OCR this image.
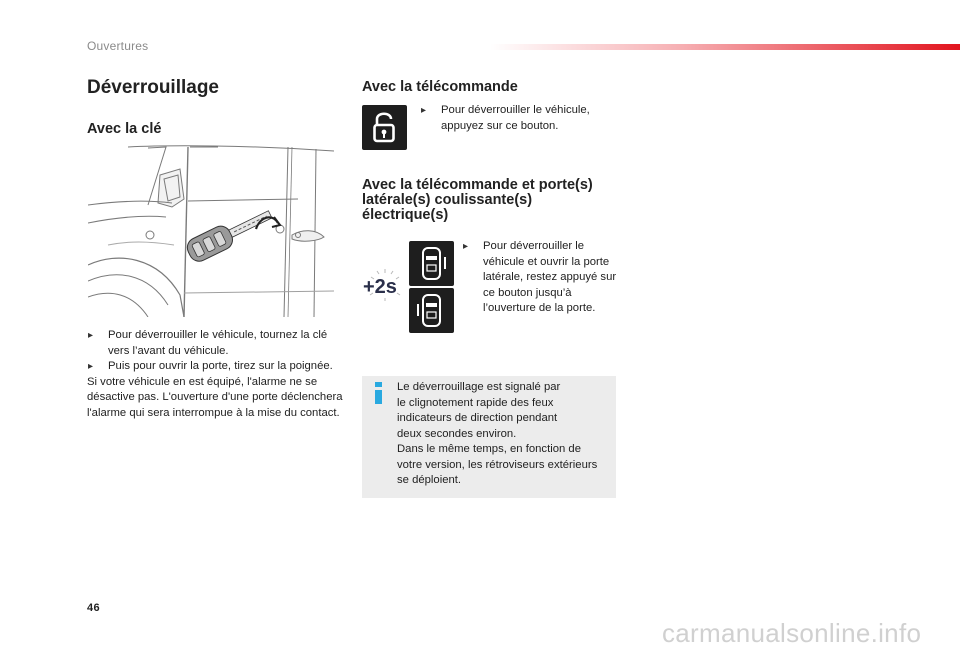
Ouvertures
Déverrouillage
Avec la clé
▸ Pour déverrouiller le véhicule, tournez la clé vers l’avant du véhicule.
▸ Puis pour ouvrir la porte, tirez sur la poignée.
Si votre véhicule en est équipé, l'alarme ne se désactive pas. L'ouverture d'une porte déclenchera l'alarme qui sera interrompue à la mise du contact.
Avec la télécommande
▸ Pour déverrouiller le véhicule, appuyez sur ce bouton.
Avec la télécommande et porte(s) latérale(s) coulissante(s) électrique(s)
+2s
▸ Pour déverrouiller le véhicule et ouvrir la porte latérale, restez appuyé sur ce bouton jusqu’à l’ouverture de la porte.
Le déverrouillage est signalé par
le clignotement rapide des feux
indicateurs de direction pendant
deux secondes environ.
Dans le même temps, en fonction de
votre version, les rétroviseurs extérieurs
se déploient.
46
carmanualsonline.info
